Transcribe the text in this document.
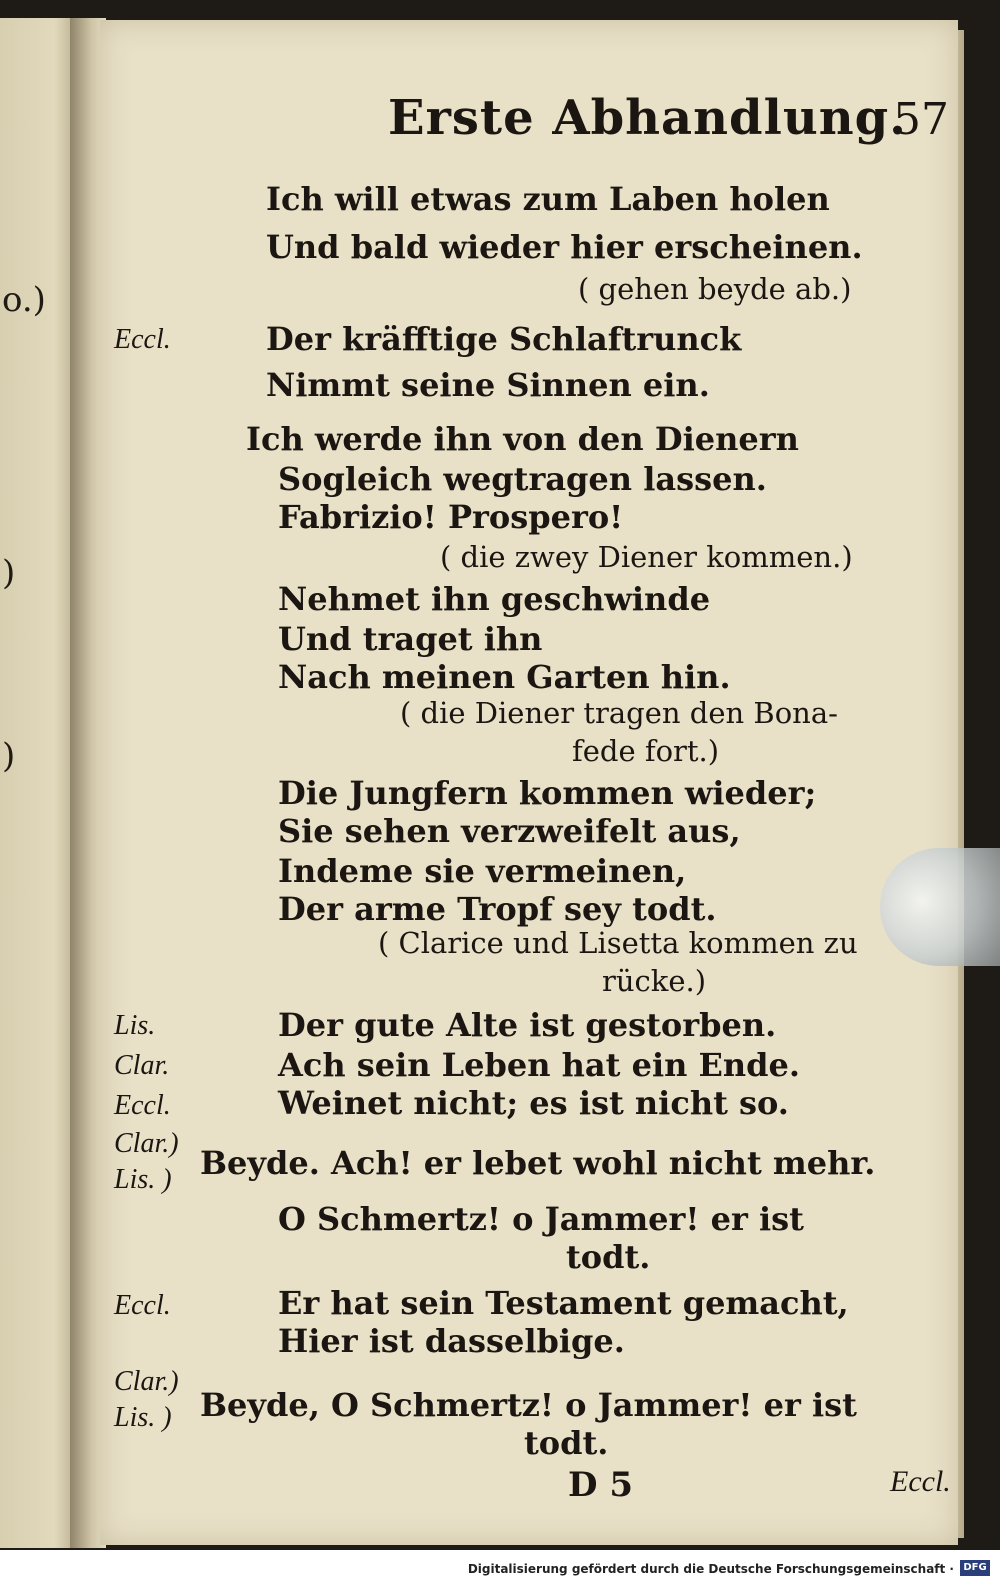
o.)
)
)
Erste Abhandlung.
57
Ich will etwas zum Laben holen
Und bald wieder hier erscheinen.
( gehen beyde ab.)
Eccl.	Der kräfftige Schlaftrunck
Nimmt seine Sinnen ein.
Ich werde ihn von den Dienern
Sogleich wegtragen lassen.
Fabrizio! Prospero!
( die zwey Diener kommen.)
Nehmet ihn geschwinde
Und traget ihn
Nach meinen Garten hin.
( die Diener tragen den Bona-
fede fort.)
Die Jungfern kommen wieder;
Sie sehen verzweifelt aus,
Indeme sie vermeinen,
Der arme Tropf sey todt.
( Clarice und Lisetta kommen zu
rücke.)
Lis.	Der gute Alte ist gestorben.
Clar.	Ach sein Leben hat ein Ende.
Eccl.	Weinet nicht; es ist nicht so.
Clar.)
Lis. ) Beyde. Ach! er lebet wohl nicht mehr.
O Schmertz! o Jammer! er ist
todt.
Eccl.	Er hat sein Testament gemacht,
Hier ist dasselbige.
Clar.)
Lis. ) Beyde, O Schmertz! o Jammer! er ist
todt.
D 5	Eccl.
Digitalisierung gefördert durch die Deutsche Forschungsgemeinschaft · DFG
